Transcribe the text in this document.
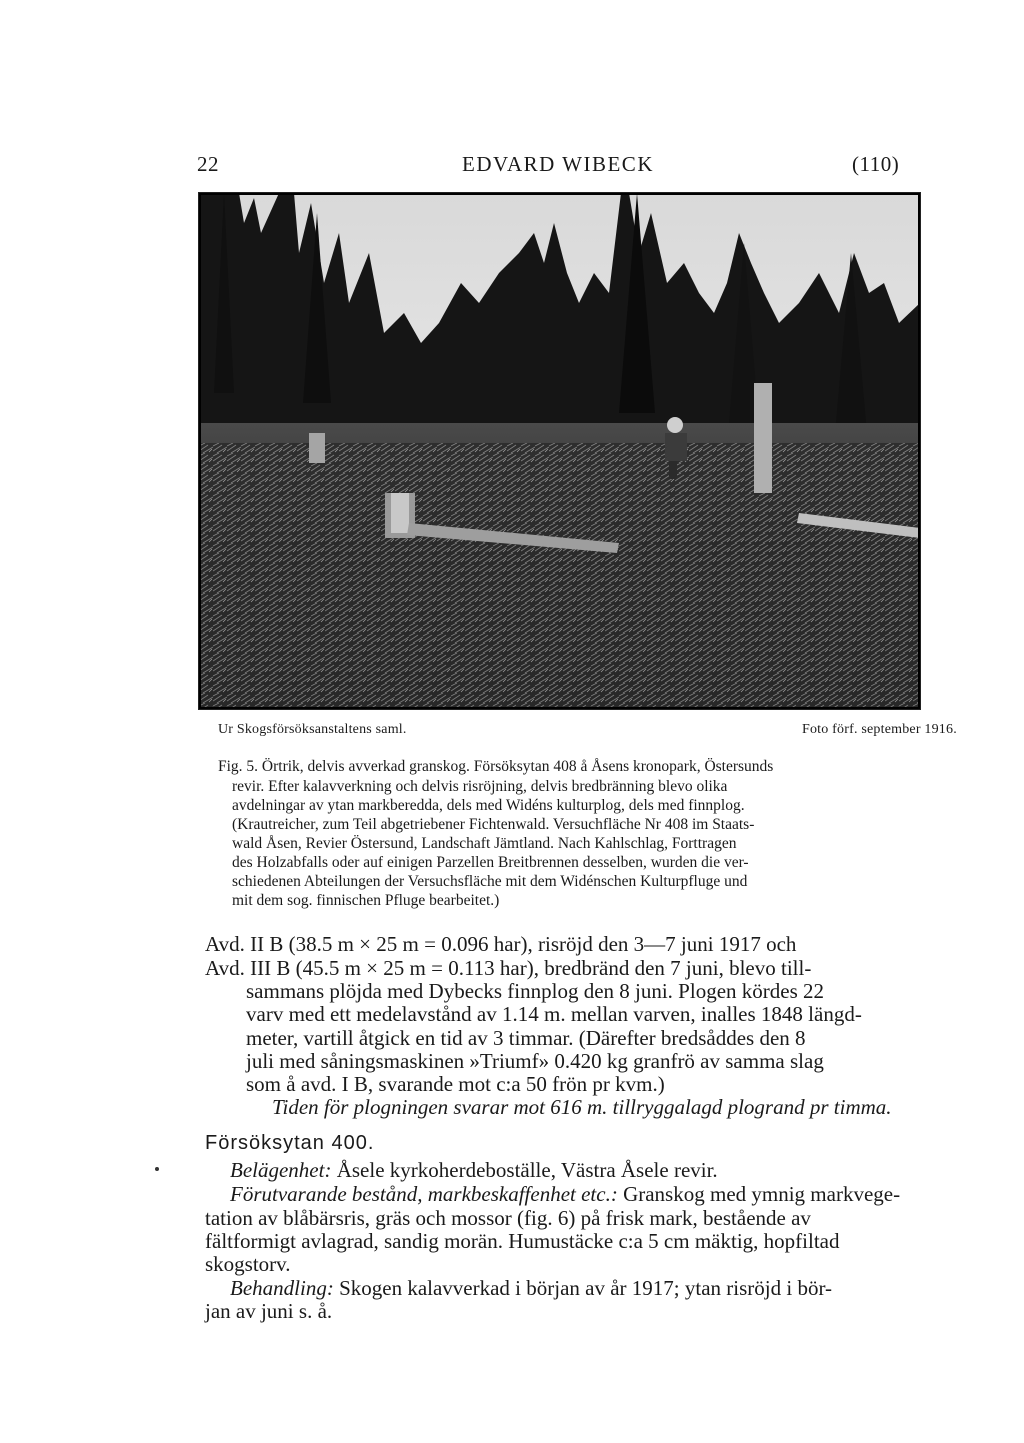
22	EDVARD WIBECK	(110)
Ur Skogsförsöksanstaltens saml.	Foto förf. september 1916.
Fig. 5. Örtrik, delvis avverkad granskog. Försöksytan 408 å Åsens kronopark, Östersunds
revir. Efter kalavverkning och delvis risröjning, delvis bredbränning blevo olika
avdelningar av ytan markberedda, dels med Widéns kulturplog, dels med finnplog.
(Krautreicher, zum Teil abgetriebener Fichtenwald. Versuchfläche Nr 408 im Staats-
wald Åsen, Revier Östersund, Landschaft Jämtland. Nach Kahlschlag, Forttragen
des Holzabfalls oder auf einigen Parzellen Breitbrennen desselben, wurden die ver-
schiedenen Abteilungen der Versuchsfläche mit dem Widénschen Kulturpfluge und
mit dem sog. finnischen Pfluge bearbeitet.)
Avd. II B (38.5 m × 25 m = 0.096 har), risröjd den 3—7 juni 1917 och
Avd. III B (45.5 m × 25 m = 0.113 har), bredbränd den 7 juni, blevo till-
sammans plöjda med Dybecks finnplog den 8 juni. Plogen kördes 22
varv med ett medelavstånd av 1.14 m. mellan varven, inalles 1848 längd-
meter, vartill åtgick en tid av 3 timmar. (Därefter bredsåddes den 8
juli med såningsmaskinen »Triumf» 0.420 kg granfrö av samma slag
som å avd. I B, svarande mot c:a 50 frön pr kvm.)
Tiden för plogningen svarar mot 616 m. tillryggalagd plogrand pr timma.
Försöksytan 400.
Belägenhet: Åsele kyrkoherdeboställe, Västra Åsele revir.
Förutvarande bestånd, markbeskaffenhet etc.: Granskog med ymnig markvege-
tation av blåbärsris, gräs och mossor (fig. 6) på frisk mark, bestående av
fältformigt avlagrad, sandig morän. Humustäcke c:a 5 cm mäktig, hopfiltad
skogstorv.
Behandling: Skogen kalavverkad i början av år 1917; ytan risröjd i bör-
jan av juni s. å.
